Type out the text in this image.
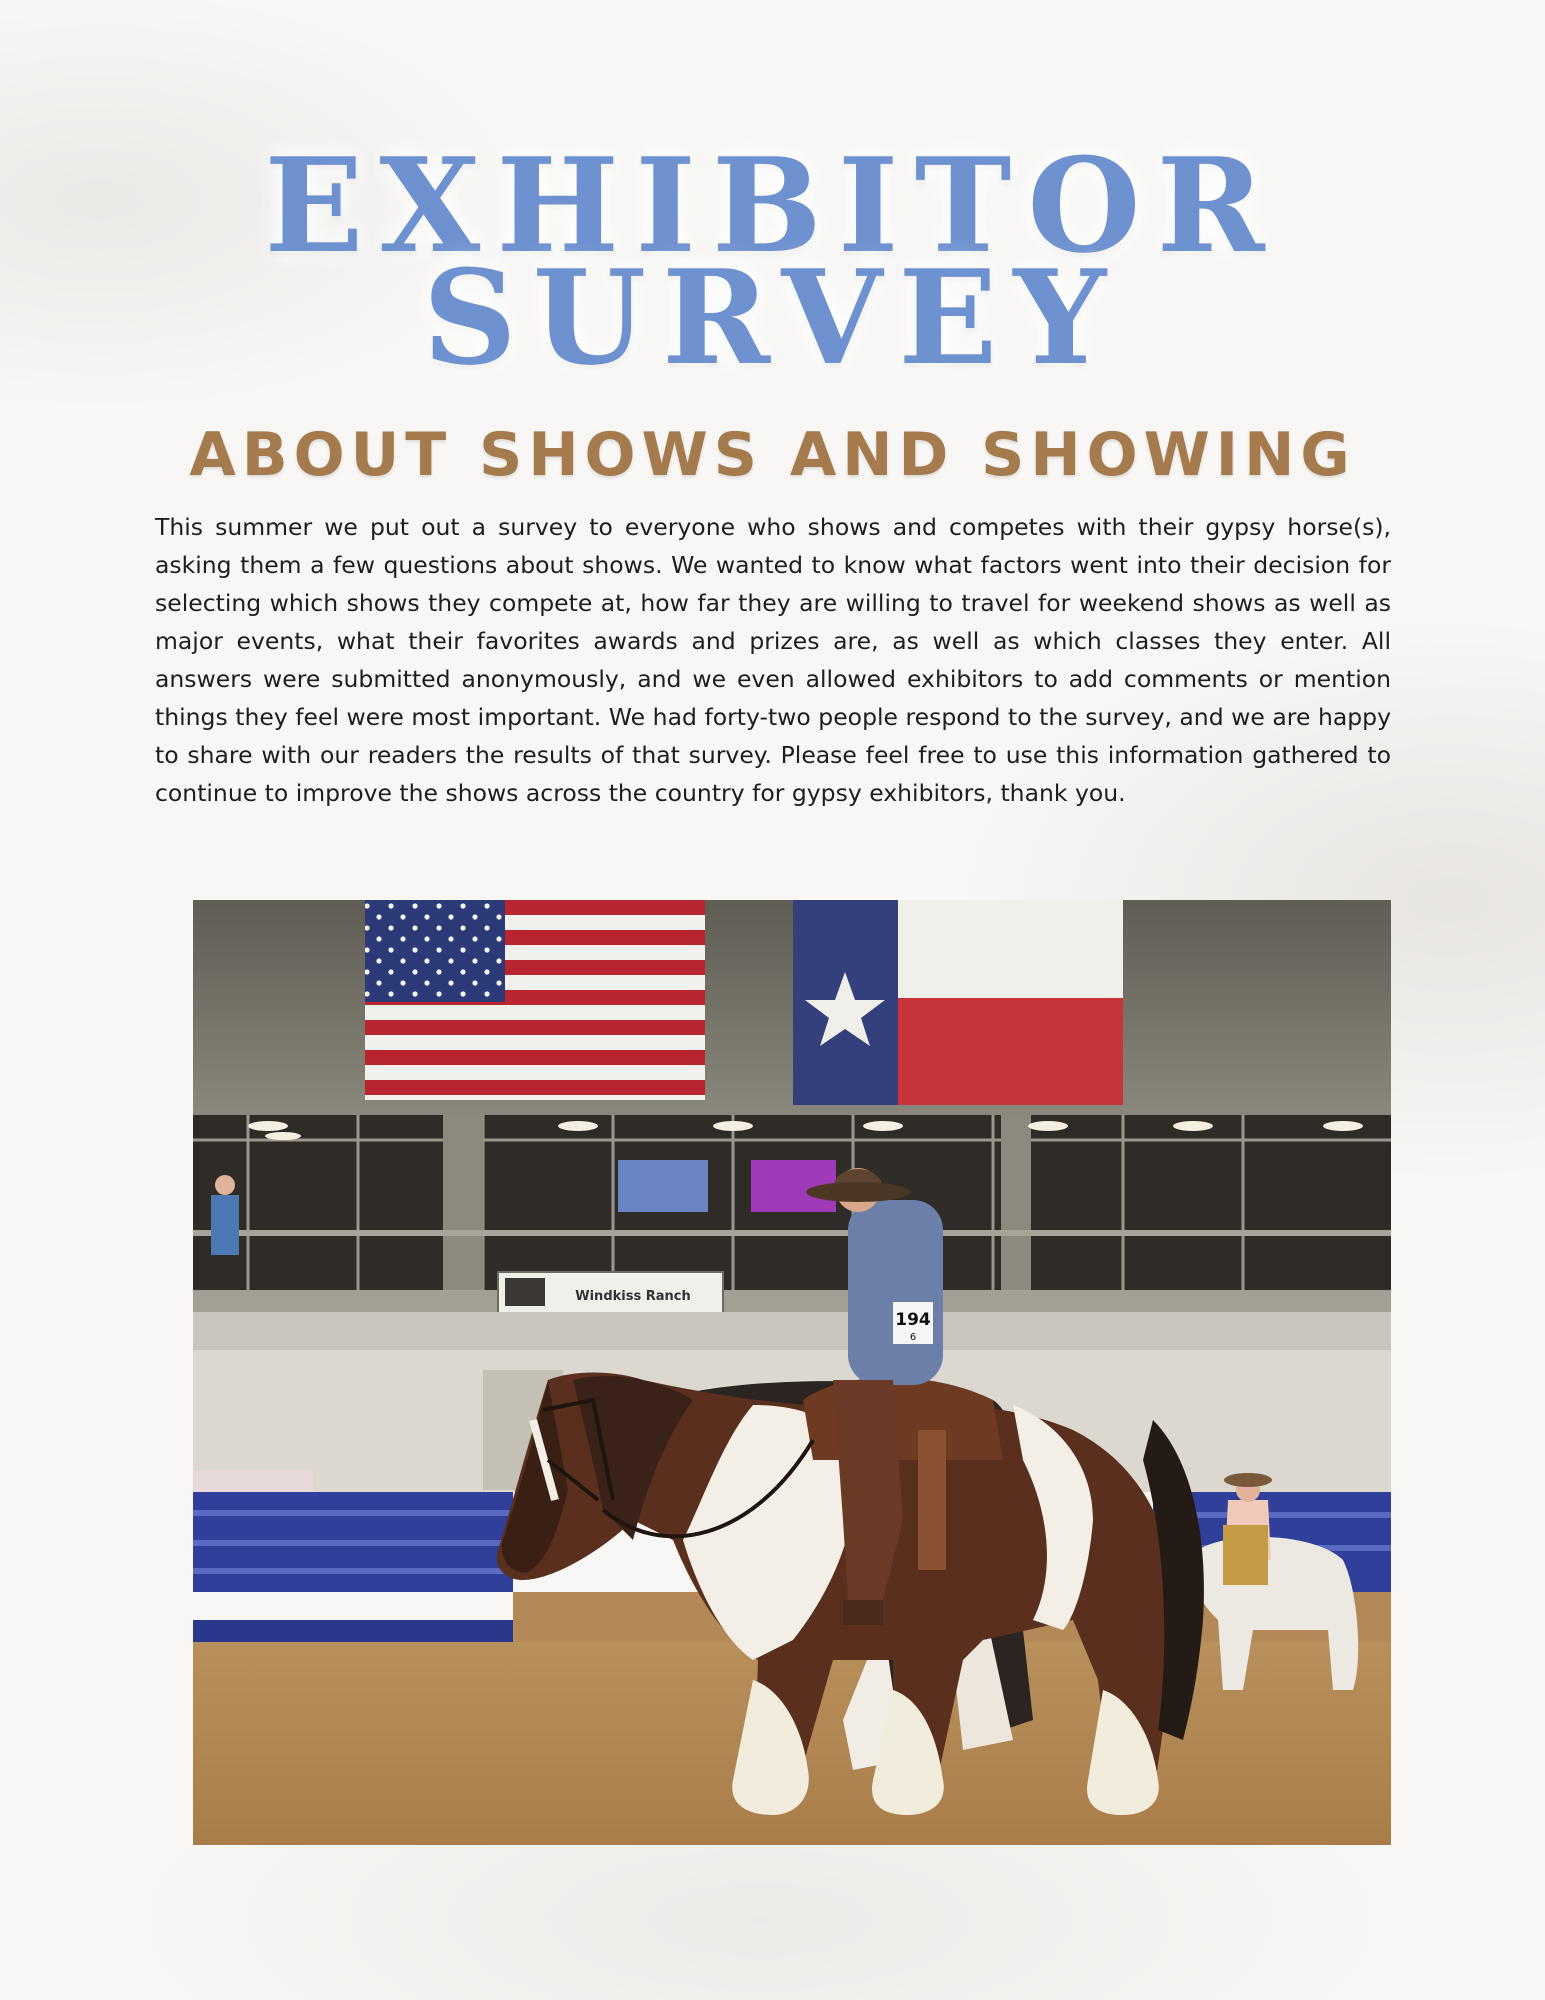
EXHIBITOR
SURVEY
ABOUT SHOWS AND SHOWING

This summer we put out a survey to everyone who shows and competes with their gypsy horse(s), asking them a few questions about shows. We wanted to know what factors went into their decision for selecting which shows they compete at, how far they are willing to travel for weekend shows as well as major events, what their favorites awards and prizes are, as well as which classes they enter. All answers were submitted anonymously, and we even allowed exhibitors to add comments or mention things they feel were most important. We had forty-two people respond to the survey, and we are happy to share with our readers the results of that survey. Please feel free to use this information gathered to continue to improve the shows across the country for gypsy exhibitors, thank you.

Windkiss Ranch
194
6
